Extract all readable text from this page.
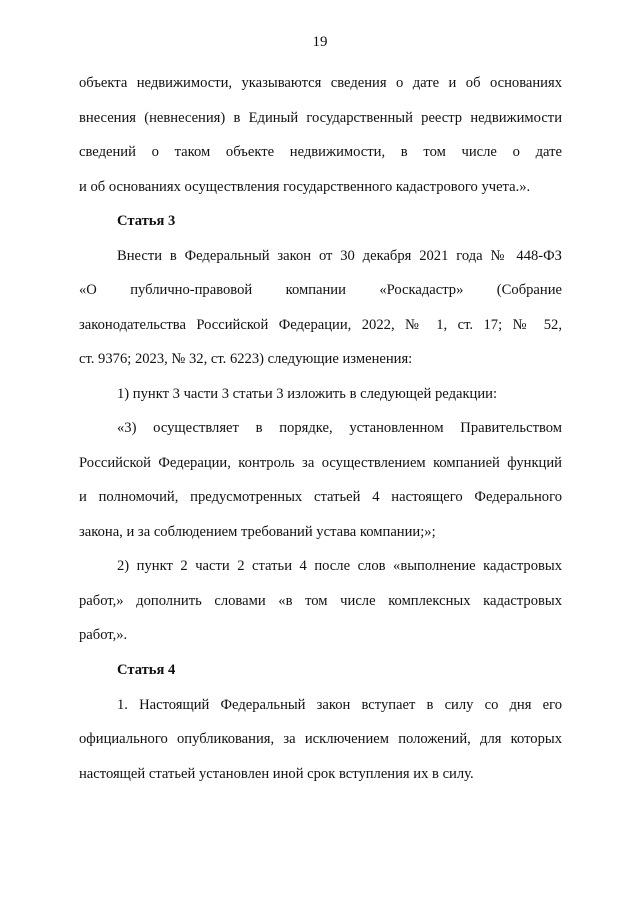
19
объекта недвижимости, указываются сведения о дате и об основаниях
внесения (невнесения) в Единый государственный реестр недвижимости
сведений о таком объекте недвижимости, в том числе о дате
и об основаниях осуществления государственного кадастрового учета.».
Статья 3
Внести в Федеральный закон от 30 декабря 2021 года № 448-ФЗ
«О публично-правовой компании «Роскадастр» (Собрание
законодательства Российской Федерации, 2022, № 1, ст. 17; № 52,
ст. 9376; 2023, № 32, ст. 6223) следующие изменения:
1) пункт 3 части 3 статьи 3 изложить в следующей редакции:
«3) осуществляет в порядке, установленном Правительством
Российской Федерации, контроль за осуществлением компанией функций
и полномочий, предусмотренных статьей 4 настоящего Федерального
закона, и за соблюдением требований устава компании;»;
2) пункт 2 части 2 статьи 4 после слов «выполнение кадастровых
работ,» дополнить словами «в том числе комплексных кадастровых
работ,».
Статья 4
1. Настоящий Федеральный закон вступает в силу со дня его
официального опубликования, за исключением положений, для которых
настоящей статьей установлен иной срок вступления их в силу.
